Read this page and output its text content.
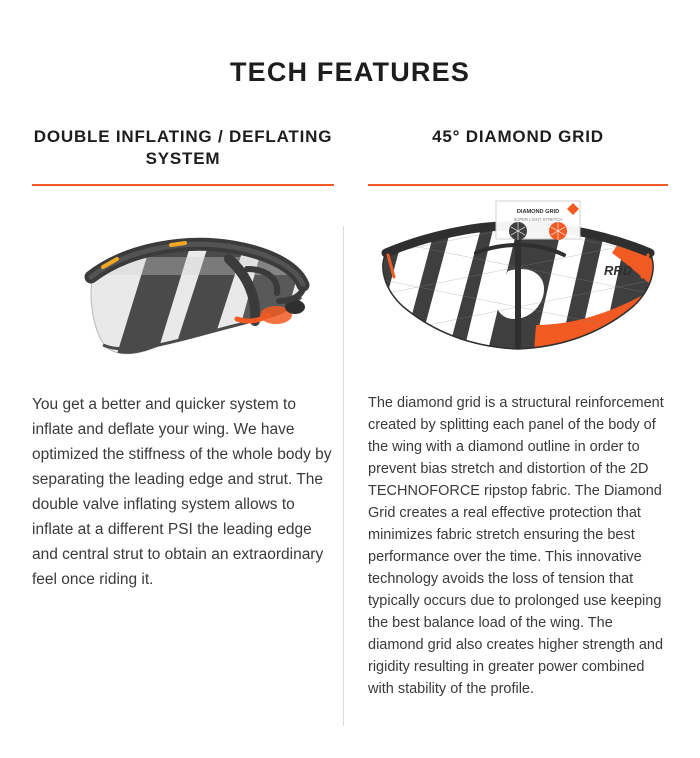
TECH FEATURES
DOUBLE INFLATING / DEFLATING SYSTEM

You get a better and quicker system to inflate and deflate your wing. We have optimized the stiffness of the whole body by separating the leading edge and strut. The double valve inflating system allows to inflate at a different PSI the leading edge and central strut to obtain an extraordinary feel once riding it.

45° DIAMOND GRID
RRD
DIAMOND GRID
SUPER LIGHT STRETCH

The diamond grid is a structural reinforcement created by splitting each panel of the body of the wing with a diamond outline in order to prevent bias stretch and distortion of the 2D TECHNOFORCE ripstop fabric. The Diamond Grid creates a real effective protection that minimizes fabric stretch ensuring the best performance over the time. This innovative technology avoids the loss of tension that typically occurs due to prolonged use keeping the best balance load of the wing. The diamond grid also creates higher strength and rigidity resulting in greater power combined with stability of the profile.
